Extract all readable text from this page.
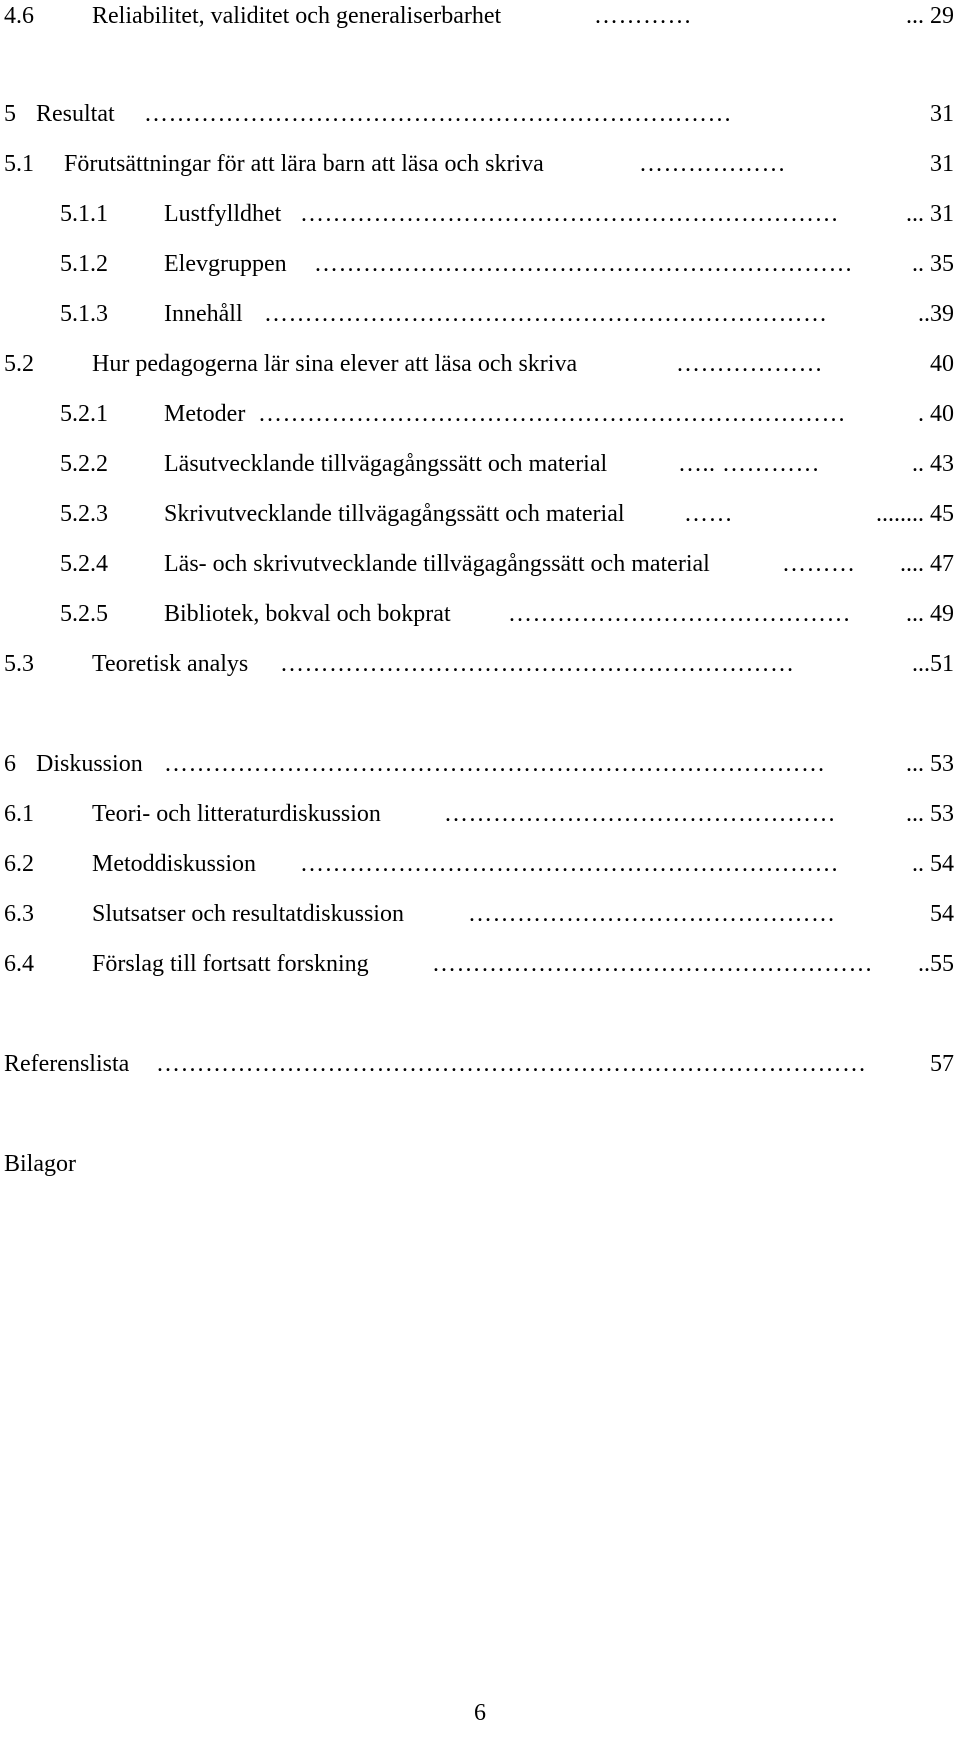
4.6 Reliabilitet, validitet och generaliserbarhet	…………	... 29
5 Resultat ………………………………………………………………	31
5.1 Förutsättningar för att lära barn att läsa och skriva	………………	31
5.1.1 Lustfylldhet …………………………………………………………	... 31
5.1.2 Elevgruppen …………………………………………………………	.. 35
5.1.3 Innehåll ……………………………………………………………	..39
5.2 Hur pedagogerna lär sina elever att läsa och skriva	………………	40
5.2.1 Metoder ………………………………………………………………	. 40
5.2.2 Läsutvecklande tillvägagångssätt och material	….. …………	.. 43
5.2.3 Skrivutvecklande tillvägagångssätt och material ……	........ 45
5.2.4 Läs- och skrivutvecklande tillvägagångssätt och material	……… .... 47
5.2.5 Bibliotek, bokval och bokprat ……………………………………	... 49
5.3 Teoretisk analys ………………………………………………………	...51
6 Diskussion ………………………………………………………………………	... 53
6.1 Teori- och litteraturdiskussion	…………………………………………	... 53
6.2 Metoddiskussion …………………………………………………………	.. 54
6.3 Slutsatser och resultatdiskussion	………………………………………	54
6.4 Förslag till fortsatt forskning	………………………………………………	..55
Referenslista ……………………………………………………………………………	57
Bilagor
6
